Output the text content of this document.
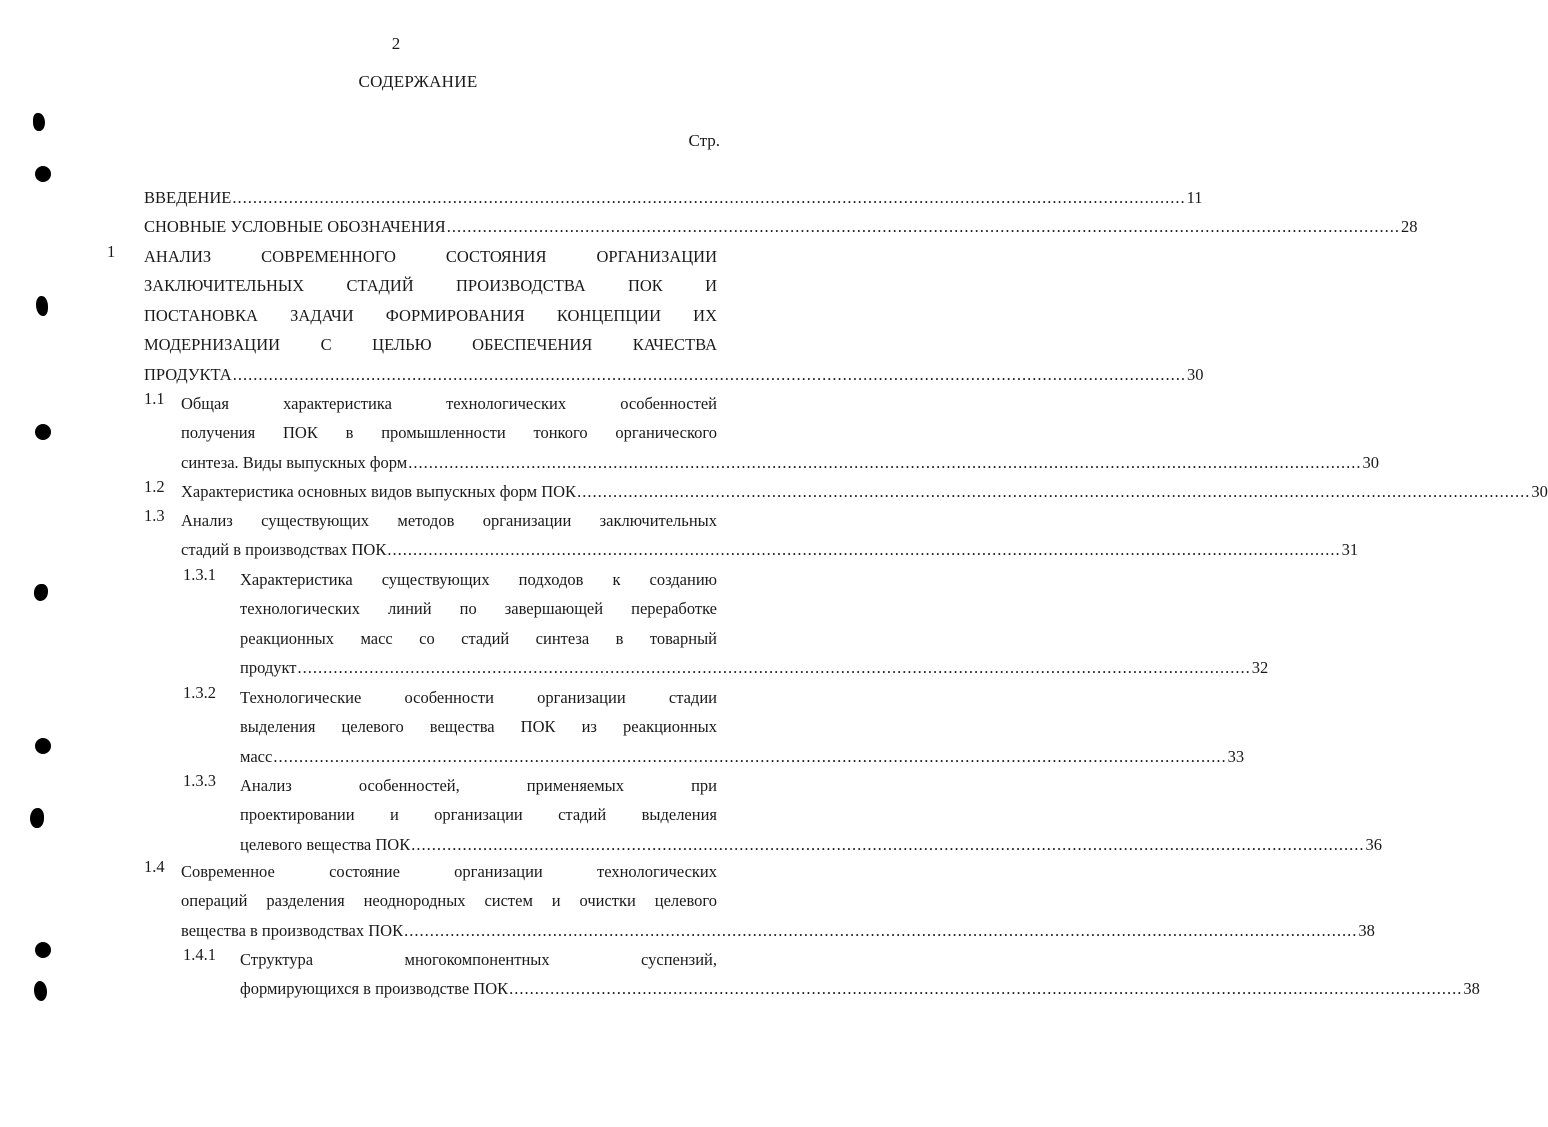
2
СОДЕРЖАНИЕ
Стр.
ВВЕДЕНИЕ .......................................................................................................................................................................................... 11
СНОВНЫЕ УСЛОВНЫЕ ОБОЗНАЧЕНИЯ .......................................................................................................................................................................................... 28
1 АНАЛИЗ СОВРЕМЕННОГО СОСТОЯНИЯ ОРГАНИЗАЦИИ
ЗАКЛЮЧИТЕЛЬНЫХ СТАДИЙ ПРОИЗВОДСТВА ПОК И
ПОСТАНОВКА ЗАДАЧИ ФОРМИРОВАНИЯ КОНЦЕПЦИИ ИХ
МОДЕРНИЗАЦИИ С ЦЕЛЬЮ ОБЕСПЕЧЕНИЯ КАЧЕСТВА
ПРОДУКТА .......................................................................................................................................................................................... 30
1.1 Общая характеристика технологических особенностей
получения ПОК в промышленности тонкого органического
синтеза. Виды выпускных форм .......................................................................................................................................................................................... 30
1.2 Характеристика основных видов выпускных форм ПОК .......................................................................................................................................................................................... 30
1.3 Анализ существующих методов организации заключительных
стадий в производствах ПОК .......................................................................................................................................................................................... 31
1.3.1 Характеристика существующих подходов к созданию
технологических линий по завершающей переработке
реакционных масс со стадий синтеза в товарный
продукт .......................................................................................................................................................................................... 32
1.3.2 Технологические особенности организации стадии
выделения целевого вещества ПОК из реакционных
масс .......................................................................................................................................................................................... 33
1.3.3 Анализ особенностей, применяемых при
проектировании и организации стадий выделения
целевого вещества ПОК .......................................................................................................................................................................................... 36
1.4 Современное состояние организации технологических
операций разделения неоднородных систем и очистки целевого
вещества в производствах ПОК .......................................................................................................................................................................................... 38
1.4.1 Структура многокомпонентных суспензий,
формирующихся в производстве ПОК .......................................................................................................................................................................................... 38
